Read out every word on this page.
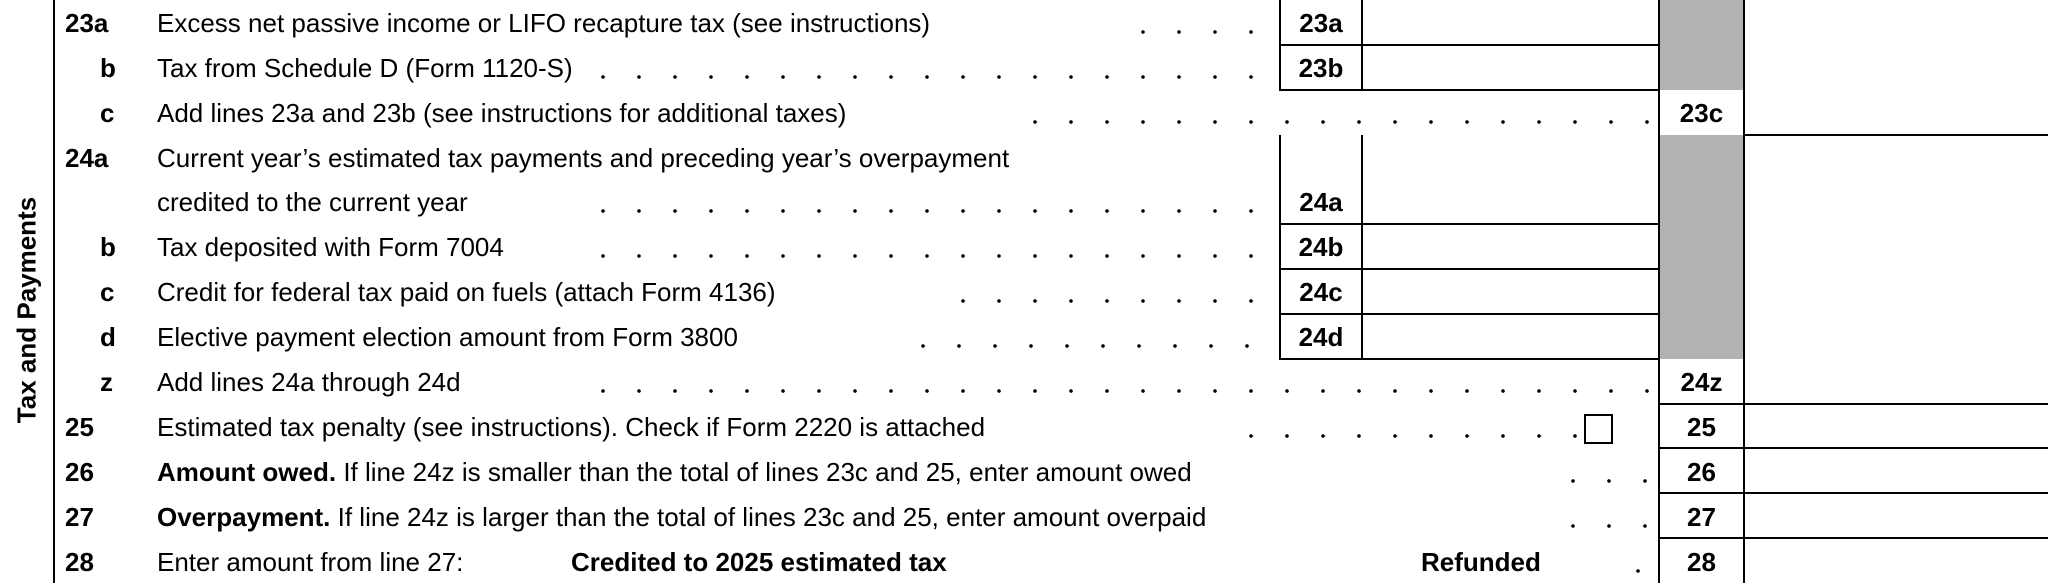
Tax and Payments
23a
23b
23c
24a
24b
24c
24d
24z
25
26
27
28
23a Excess net passive income or LIFO recapture tax (see instructions)
b Tax from Schedule D (Form 1120-S)
c Add lines 23a and 23b (see instructions for additional taxes)
24a Current year’s estimated tax payments and preceding year’s overpayment
credited to the current year
b Tax deposited with Form 7004
c Credit for federal tax paid on fuels (attach Form 4136)
d Elective payment election amount from Form 3800
z Add lines 24a through 24d
25 Estimated tax penalty (see instructions). Check if Form 2220 is attached
26 Amount owed. If line 24z is smaller than the total of lines 23c and 25, enter amount owed
27 Overpayment. If line 24z is larger than the total of lines 23c and 25, enter amount overpaid
28 Enter amount from line 27:	Credited to 2025 estimated tax	Refunded
